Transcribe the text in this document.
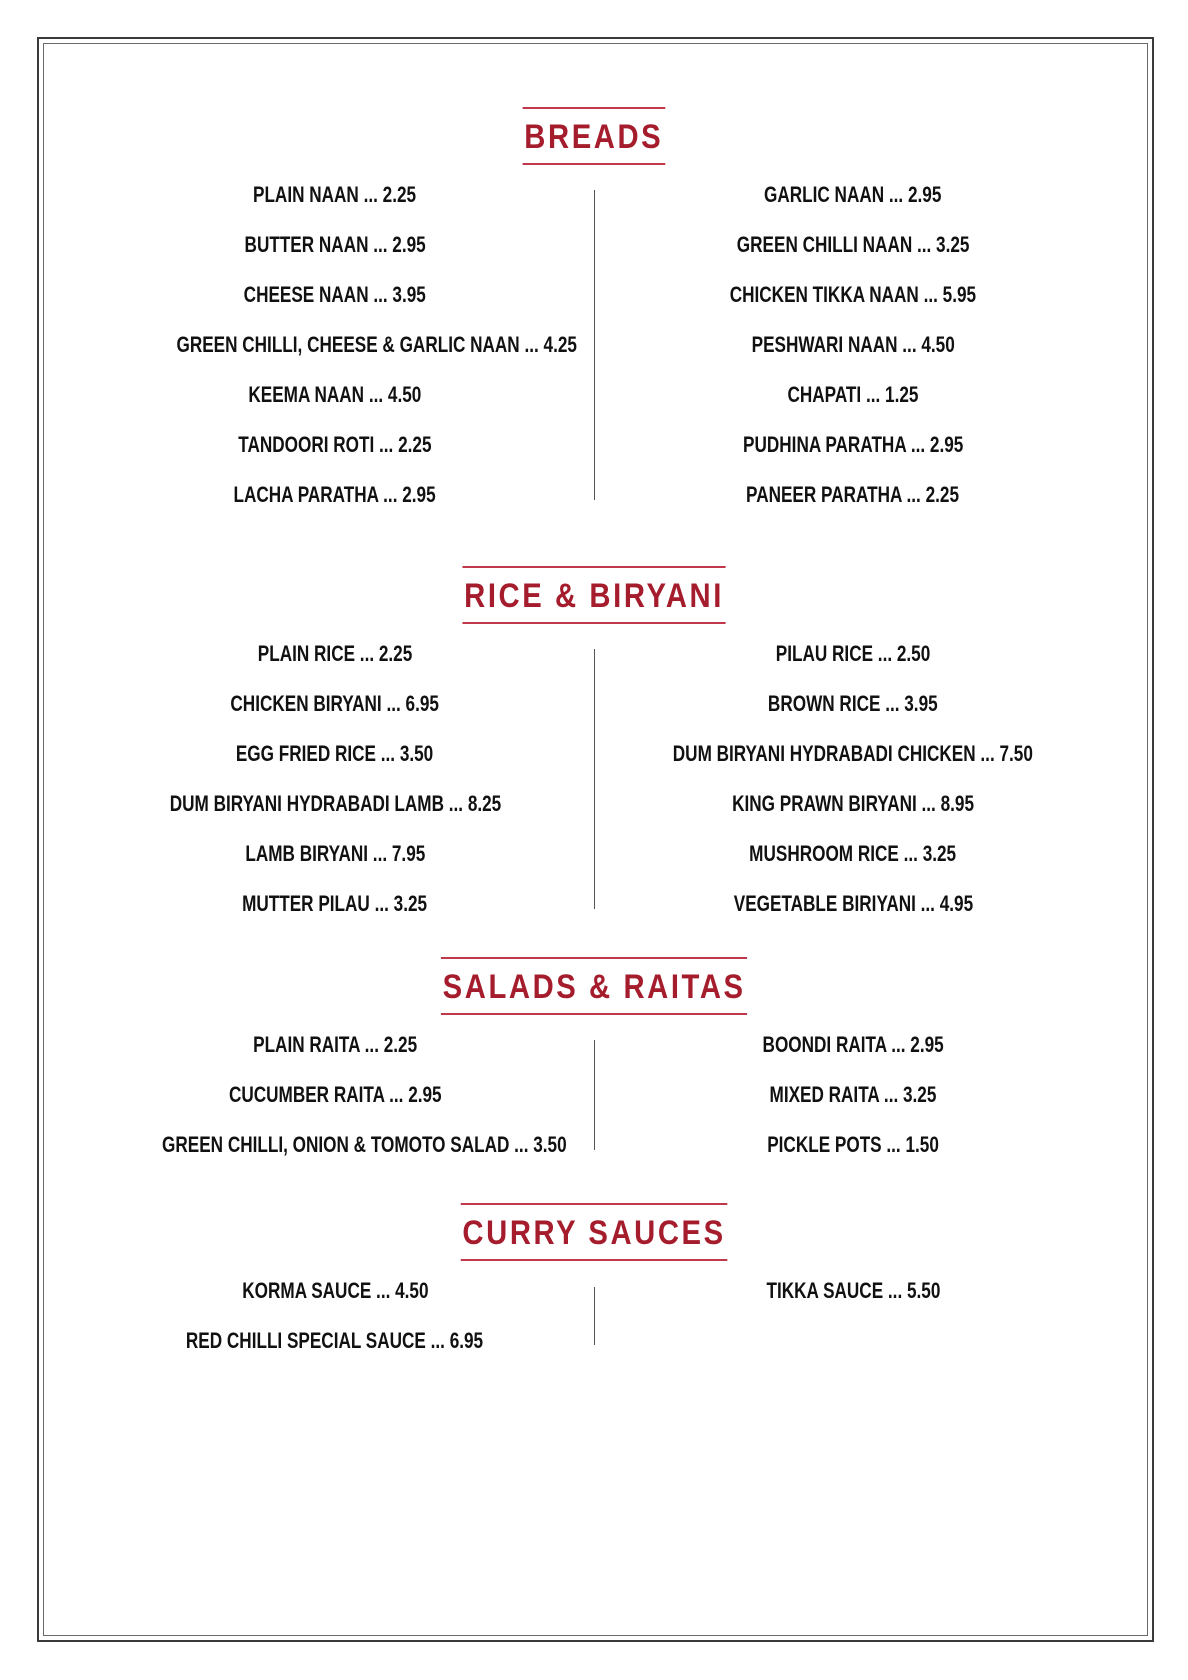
BREADS
PLAIN NAAN ... 2.25
BUTTER NAAN ... 2.95
CHEESE NAAN ... 3.95
GREEN CHILLI, CHEESE & GARLIC NAAN ... 4.25
KEEMA NAAN ... 4.50
TANDOORI ROTI ... 2.25
LACHA PARATHA ... 2.95
GARLIC NAAN ... 2.95
GREEN CHILLI NAAN ... 3.25
CHICKEN TIKKA NAAN ... 5.95
PESHWARI NAAN ... 4.50
CHAPATI ... 1.25
PUDHINA PARATHA ... 2.95
PANEER PARATHA ... 2.25
RICE & BIRYANI
PLAIN RICE ... 2.25
CHICKEN BIRYANI ... 6.95
EGG FRIED RICE ... 3.50
DUM BIRYANI HYDRABADI LAMB ... 8.25
LAMB BIRYANI ... 7.95
MUTTER PILAU ... 3.25
PILAU RICE ... 2.50
BROWN RICE ... 3.95
DUM BIRYANI HYDRABADI CHICKEN ... 7.50
KING PRAWN BIRYANI ... 8.95
MUSHROOM RICE ... 3.25
VEGETABLE BIRIYANI ... 4.95
SALADS & RAITAS
PLAIN RAITA ... 2.25
CUCUMBER RAITA ... 2.95
GREEN CHILLI, ONION & TOMOTO SALAD ... 3.50
BOONDI RAITA ... 2.95
MIXED RAITA ... 3.25
PICKLE POTS ... 1.50
CURRY SAUCES
KORMA SAUCE ... 4.50
RED CHILLI SPECIAL SAUCE ... 6.95
TIKKA SAUCE ... 5.50
